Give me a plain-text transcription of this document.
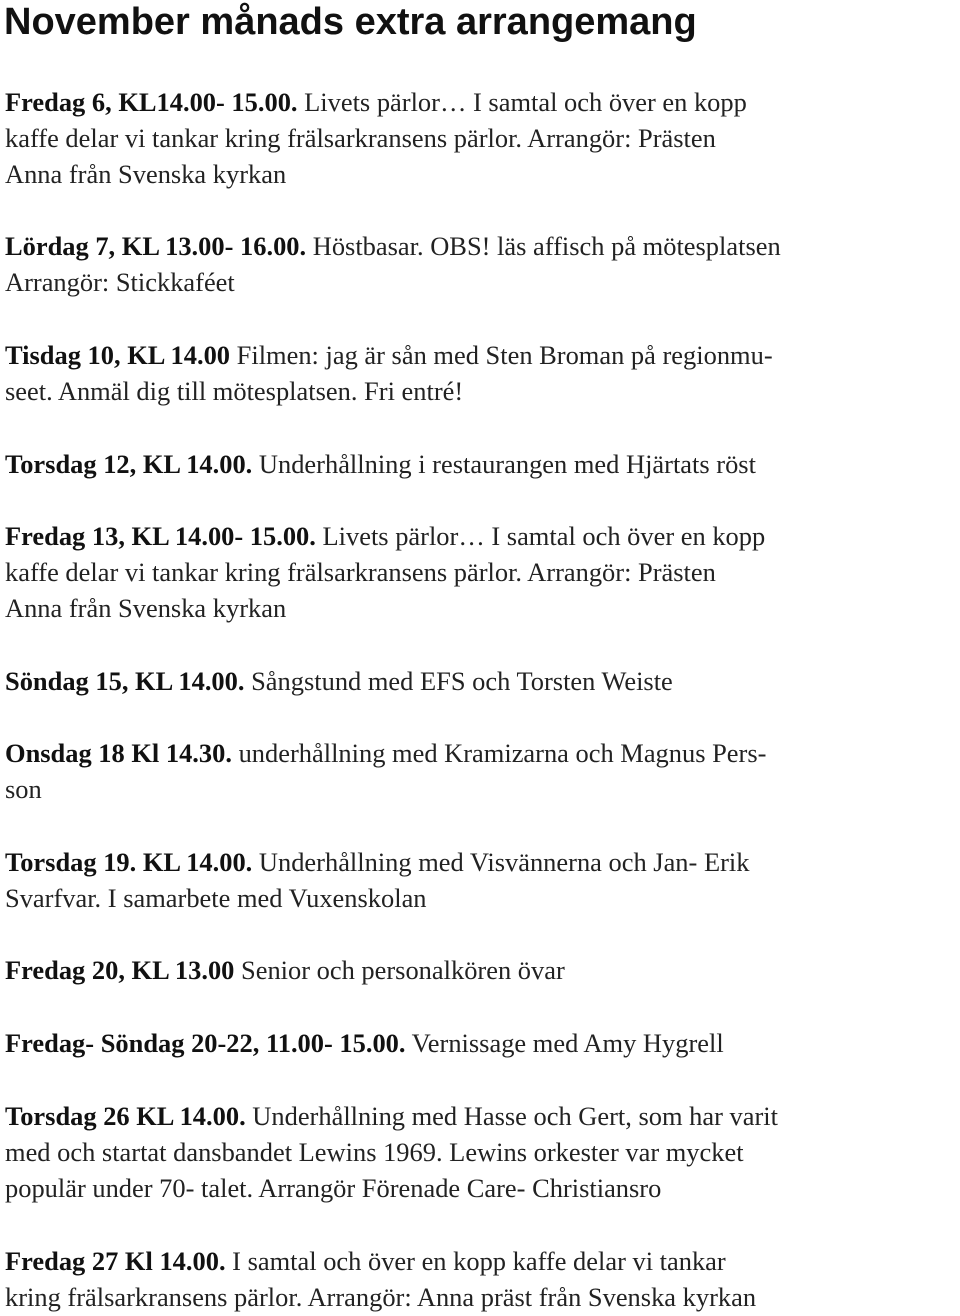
November månads extra arrangemang

Fredag 6, KL14.00- 15.00. Livets pärlor… I samtal och över en kopp
kaffe delar vi tankar kring frälsarkransens pärlor. Arrangör: Prästen
Anna från Svenska kyrkan

Lördag 7, KL 13.00- 16.00. Höstbasar. OBS! läs affisch på mötesplatsen
Arrangör: Stickkaféet

Tisdag 10, KL 14.00 Filmen: jag är sån med Sten Broman på regionmu-
seet. Anmäl dig till mötesplatsen. Fri entré!

Torsdag 12, KL 14.00. Underhållning i restaurangen med Hjärtats röst

Fredag 13, KL 14.00- 15.00. Livets pärlor… I samtal och över en kopp
kaffe delar vi tankar kring frälsarkransens pärlor. Arrangör: Prästen
Anna från Svenska kyrkan

Söndag 15, KL 14.00. Sångstund med EFS och Torsten Weiste

Onsdag 18 Kl 14.30. underhållning med Kramizarna och Magnus Pers-
son

Torsdag 19. KL 14.00. Underhållning med Visvännerna och Jan- Erik
Svarfvar. I samarbete med Vuxenskolan

Fredag 20, KL 13.00 Senior och personalkören övar

Fredag- Söndag 20-22, 11.00- 15.00. Vernissage med Amy Hygrell

Torsdag 26 KL 14.00. Underhållning med Hasse och Gert, som har varit
med och startat dansbandet Lewins 1969. Lewins orkester var mycket
populär under 70- talet. Arrangör Förenade Care- Christiansro

Fredag 27 Kl 14.00. I samtal och över en kopp kaffe delar vi tankar
kring frälsarkransens pärlor. Arrangör: Anna präst från Svenska kyrkan
